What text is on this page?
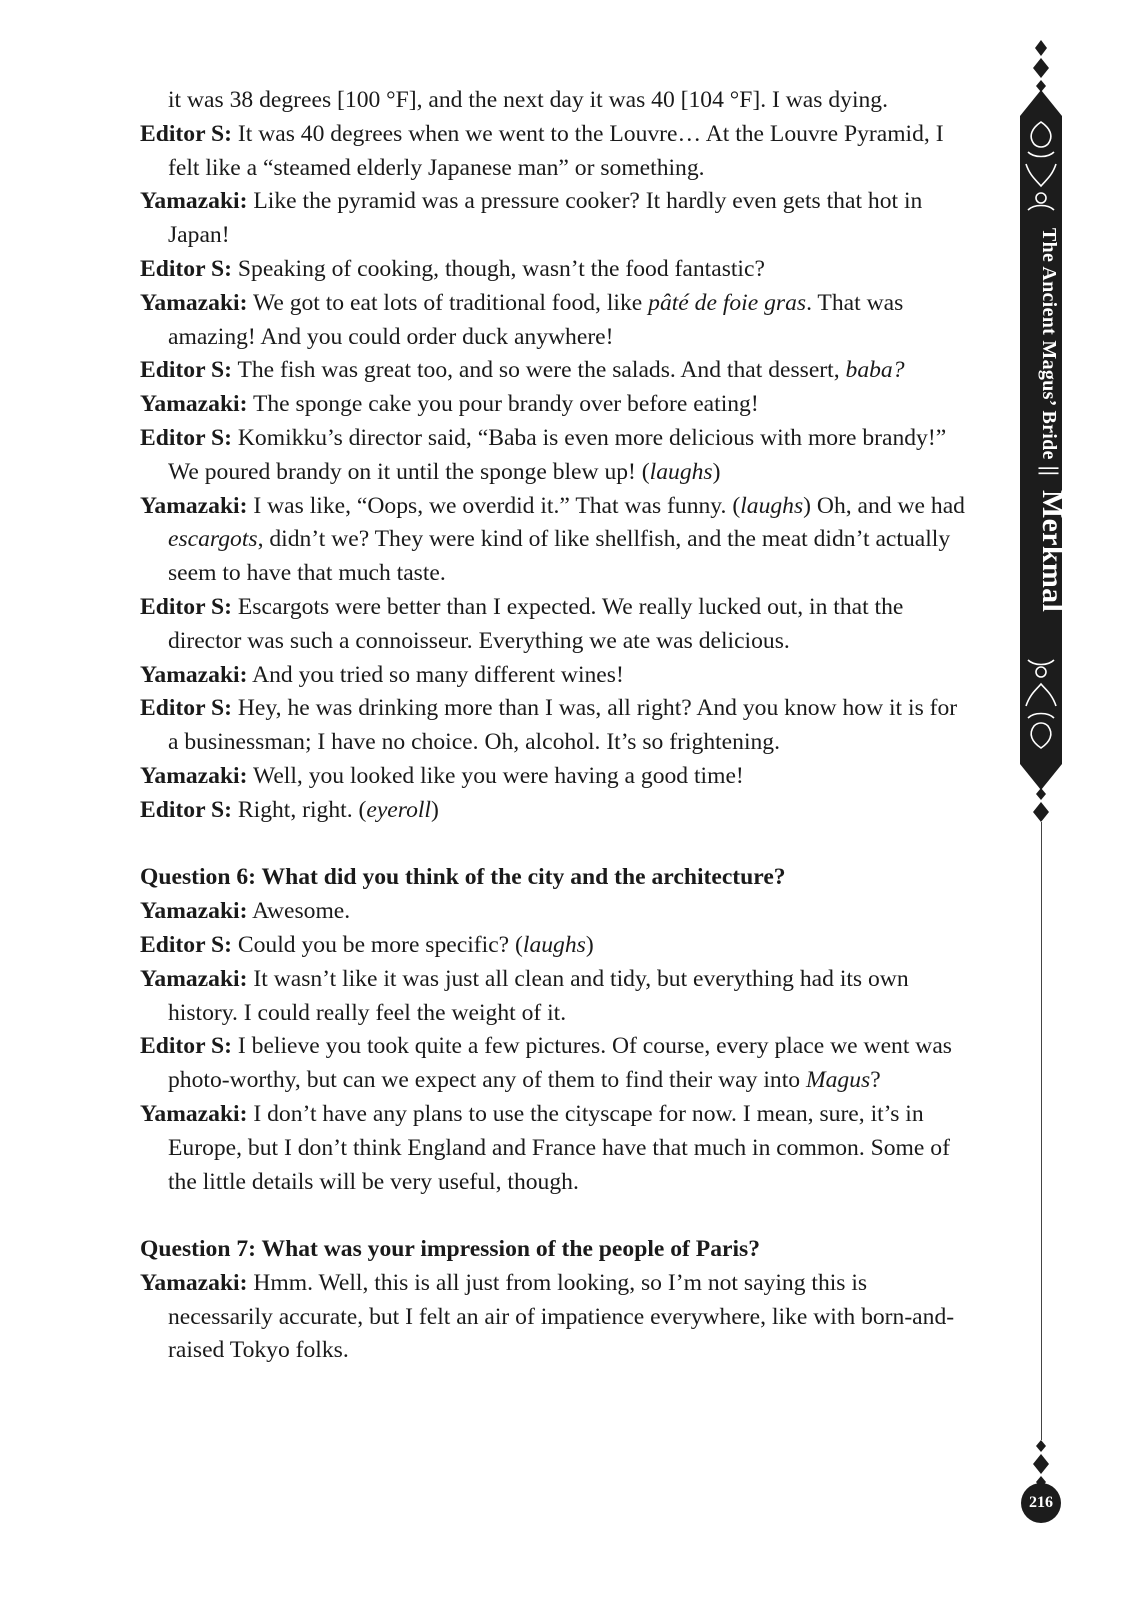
it was 38 degrees [100 °F], and the next day it was 40 [104 °F]. I was dying.

Editor S: It was 40 degrees when we went to the Louvre… At the Louvre Pyramid, I felt like a “steamed elderly Japanese man” or something.

Yamazaki: Like the pyramid was a pressure cooker? It hardly even gets that hot in Japan!

Editor S: Speaking of cooking, though, wasn’t the food fantastic?

Yamazaki: We got to eat lots of traditional food, like pâté de foie gras. That was amazing! And you could order duck anywhere!

Editor S: The fish was great too, and so were the salads. And that dessert, baba?

Yamazaki: The sponge cake you pour brandy over before eating!

Editor S: Komikku’s director said, “Baba is even more delicious with more brandy!” We poured brandy on it until the sponge blew up! (laughs)

Yamazaki: I was like, “Oops, we overdid it.” That was funny. (laughs) Oh, and we had escargots, didn’t we? They were kind of like shellfish, and the meat didn’t actually seem to have that much taste.

Editor S: Escargots were better than I expected. We really lucked out, in that the director was such a connoisseur. Everything we ate was delicious.

Yamazaki: And you tried so many different wines!

Editor S: Hey, he was drinking more than I was, all right? And you know how it is for a businessman; I have no choice. Oh, alcohol. It’s so frightening.

Yamazaki: Well, you looked like you were having a good time!

Editor S: Right, right. (eyeroll)

Question 6: What did you think of the city and the architecture?

Yamazaki: Awesome.

Editor S: Could you be more specific? (laughs)

Yamazaki: It wasn’t like it was just all clean and tidy, but everything had its own history. I could really feel the weight of it.

Editor S: I believe you took quite a few pictures. Of course, every place we went was photo-worthy, but can we expect any of them to find their way into Magus?

Yamazaki: I don’t have any plans to use the cityscape for now. I mean, sure, it’s in Europe, but I don’t think England and France have that much in common. Some of the little details will be very useful, though.

Question 7: What was your impression of the people of Paris?

Yamazaki: Hmm. Well, this is all just from looking, so I’m not saying this is necessarily accurate, but I felt an air of impatience everywhere, like with born-and-raised Tokyo folks.

The Ancient Magus’ Bride||Merkmal
216
